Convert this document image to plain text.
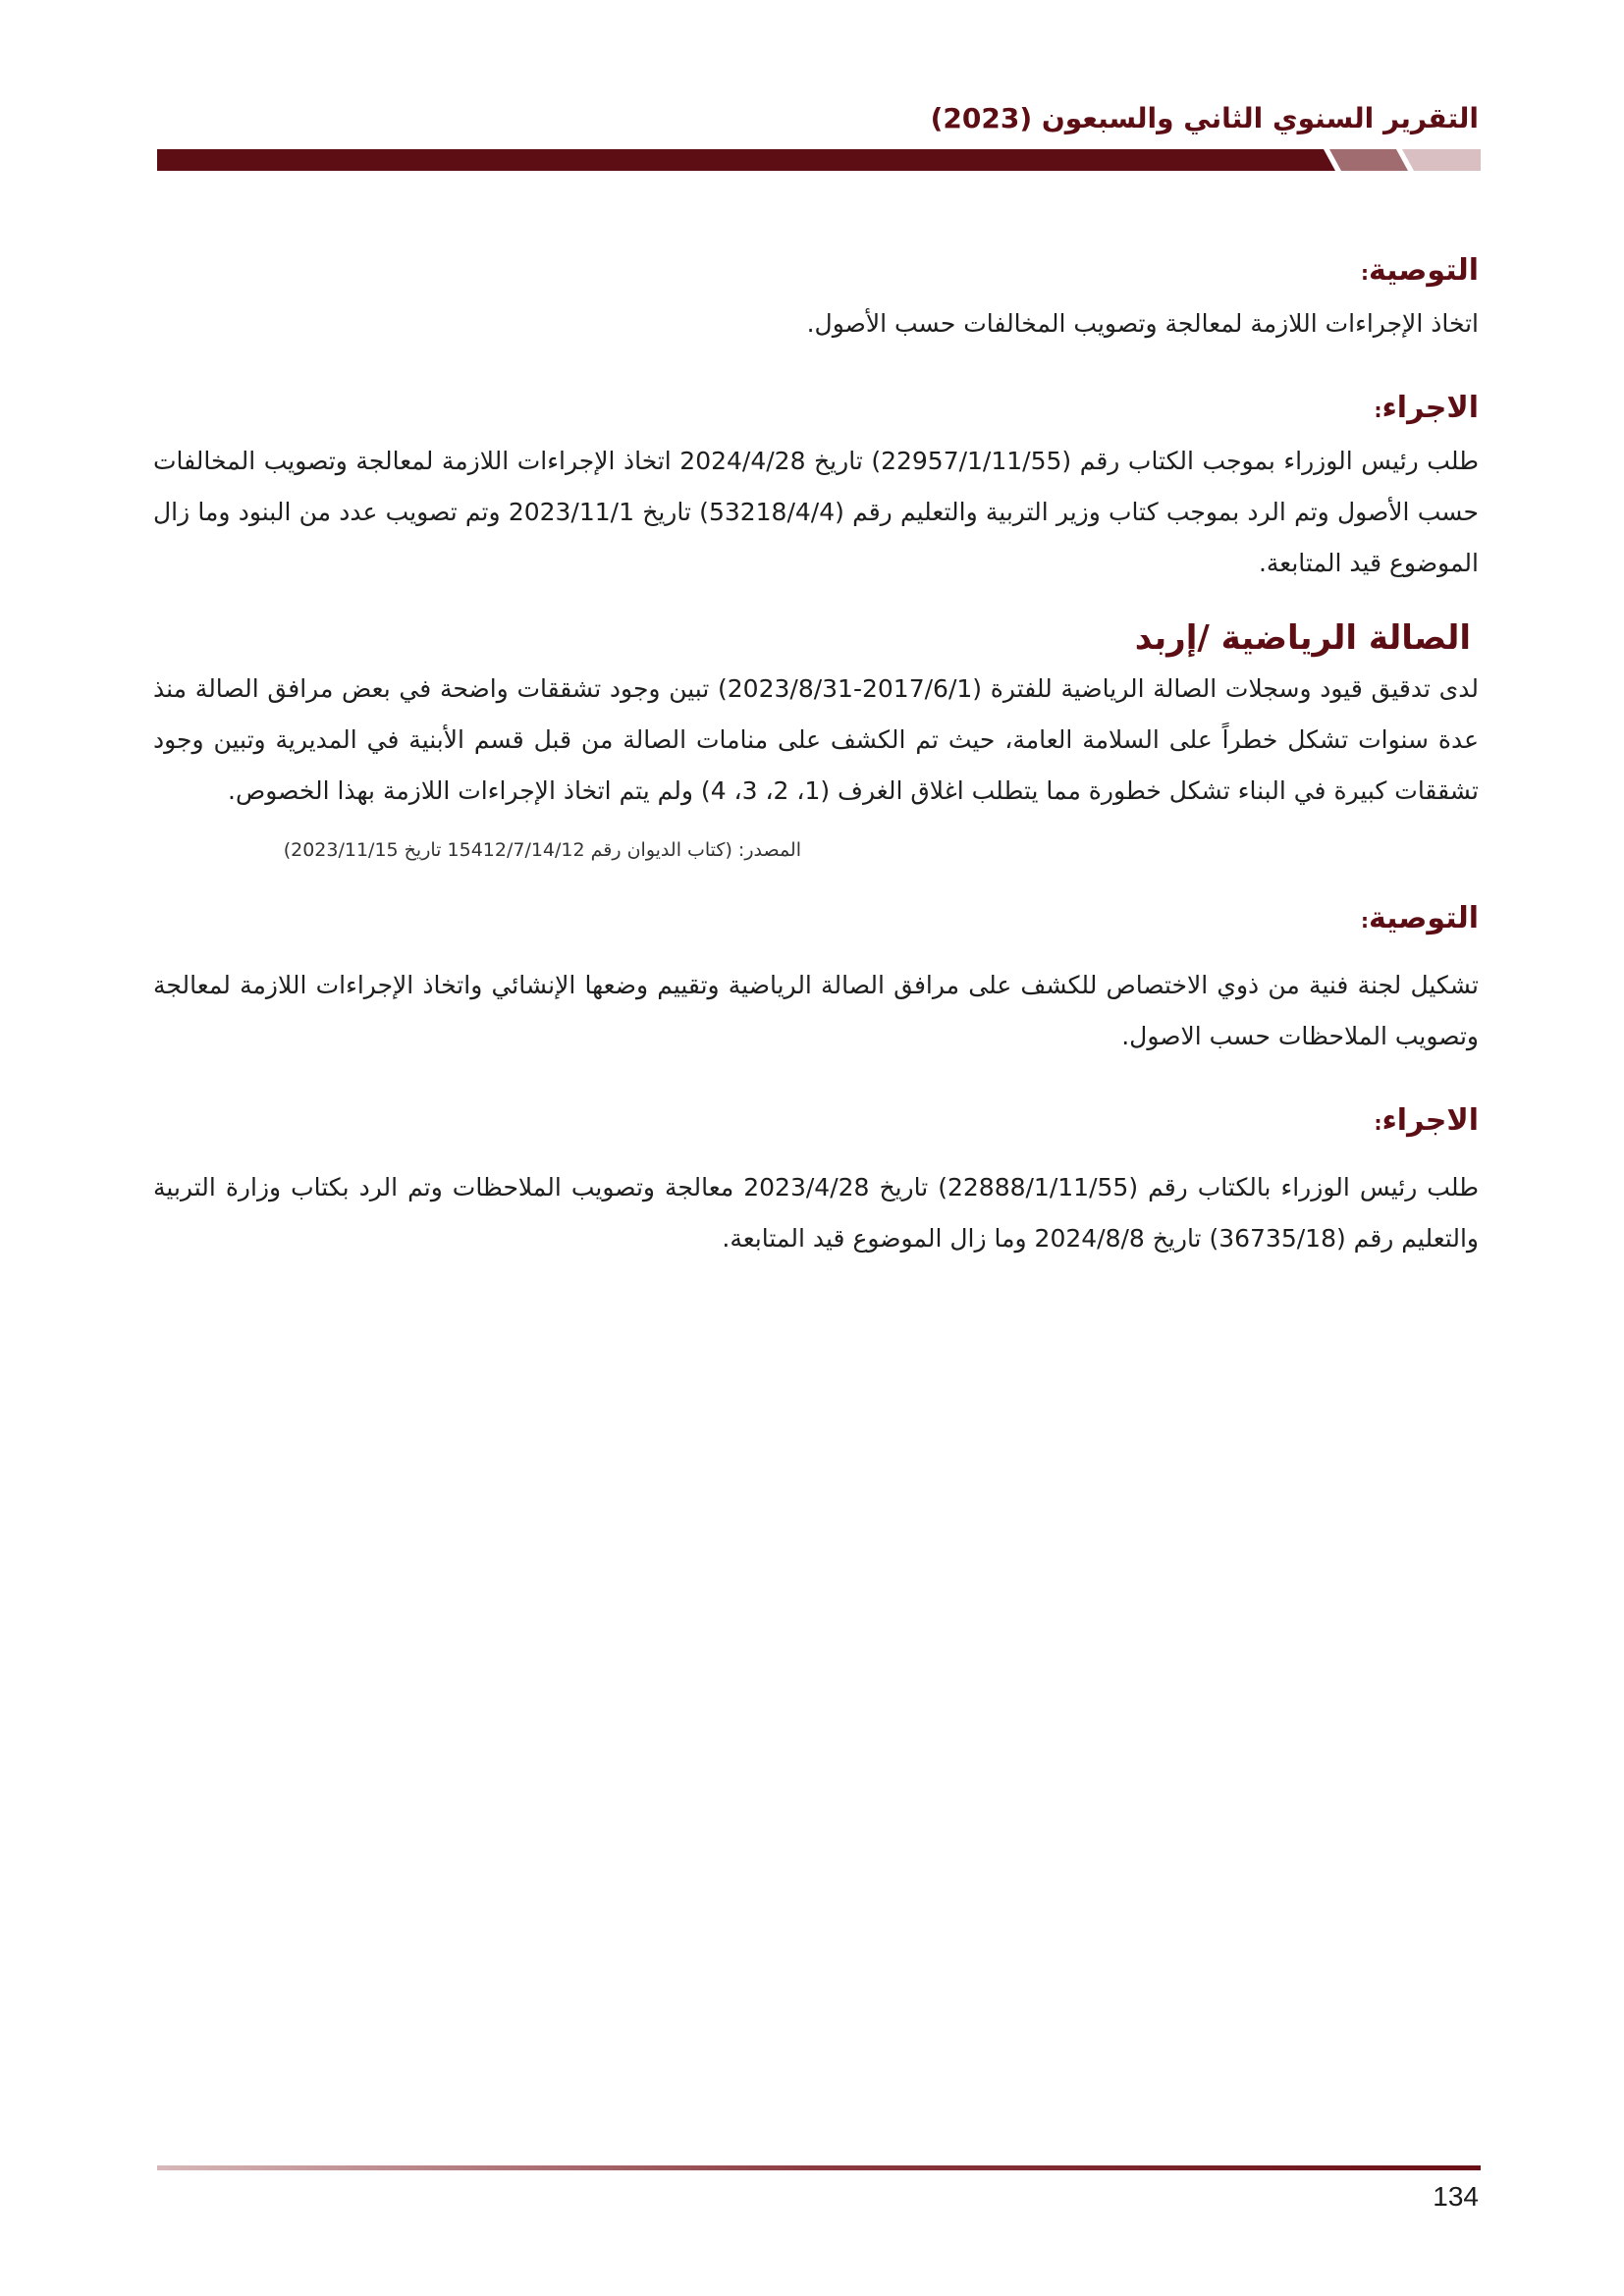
التقرير السنوي الثاني والسبعون (2023)
التوصية:

اتخاذ الإجراءات اللازمة لمعالجة وتصويب المخالفات حسب الأصول.

الاجراء:

طلب رئيس الوزراء بموجب الكتاب رقم (22957/1/11/55) تاريخ 2024/4/28 اتخاذ الإجراءات اللازمة لمعالجة وتصويب المخالفات حسب الأصول وتم الرد بموجب كتاب وزير التربية والتعليم رقم (53218/4/4) تاريخ 2023/11/1 وتم تصويب عدد من البنود وما زال الموضوع قيد المتابعة.

الصالة الرياضية /إربد

لدى تدقيق قيود وسجلات الصالة الرياضية للفترة (2017/6/1-2023/8/31) تبين وجود تشققات واضحة في بعض مرافق الصالة منذ عدة سنوات تشكل خطراً على السلامة العامة، حيث تم الكشف على منامات الصالة من قبل قسم الأبنية في المديرية وتبين وجود تشققات كبيرة في البناء تشكل خطورة مما يتطلب اغلاق الغرف (1، 2، 3، 4) ولم يتم اتخاذ الإجراءات اللازمة بهذا الخصوص.

المصدر: (كتاب الديوان رقم 15412/7/14/12 تاريخ 2023/11/15)

التوصية:

تشكيل لجنة فنية من ذوي الاختصاص للكشف على مرافق الصالة الرياضية وتقييم وضعها الإنشائي واتخاذ الإجراءات اللازمة لمعالجة وتصويب الملاحظات حسب الاصول.

الاجراء:

طلب رئيس الوزراء بالكتاب رقم (22888/1/11/55) تاريخ 2023/4/28 معالجة وتصويب الملاحظات وتم الرد بكتاب وزارة التربية والتعليم رقم (36735/18) تاريخ 2024/8/8 وما زال الموضوع قيد المتابعة.

134
